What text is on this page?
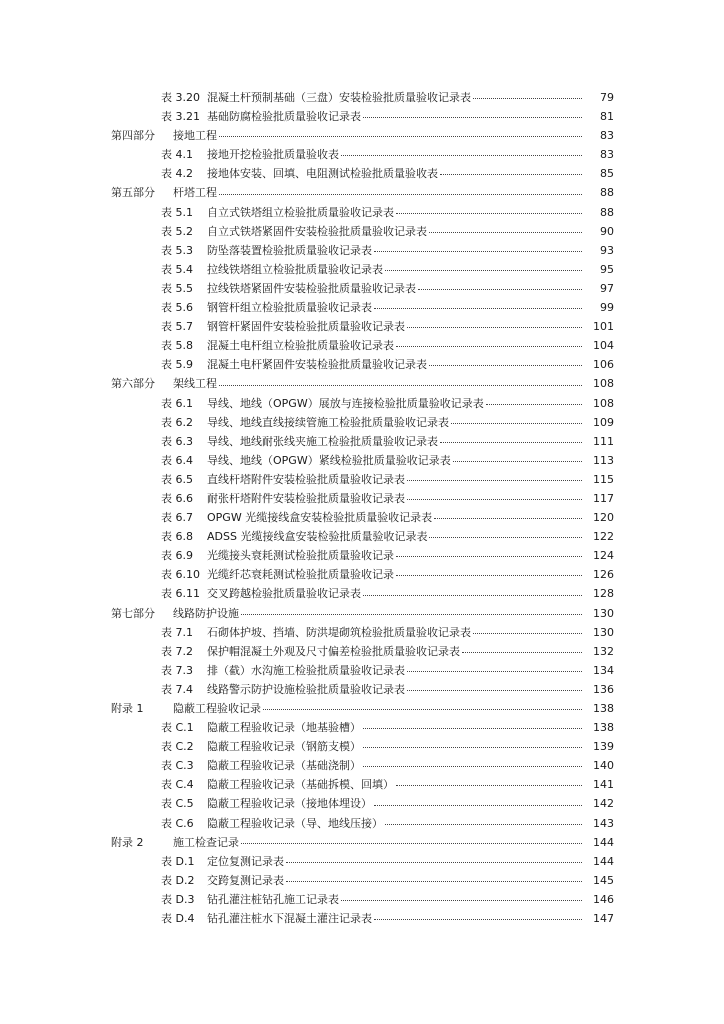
表 3.20 混凝土杆预制基础（三盘）安装检验批质量验收记录表	79
表 3.21 基础防腐检验批质量验收记录表	81
第四部分 接地工程	83
表 4.1 接地开挖检验批质量验收表	83
表 4.2 接地体安装、回填、电阻测试检验批质量验收表	85
第五部分 杆塔工程	88
表 5.1 自立式铁塔组立检验批质量验收记录表	88
表 5.2 自立式铁塔紧固件安装检验批质量验收记录表	90
表 5.3 防坠落装置检验批质量验收记录表	93
表 5.4 拉线铁塔组立检验批质量验收记录表	95
表 5.5 拉线铁塔紧固件安装检验批质量验收记录表	97
表 5.6 钢管杆组立检验批质量验收记录表	99
表 5.7 钢管杆紧固件安装检验批质量验收记录表	101
表 5.8 混凝土电杆组立检验批质量验收记录表	104
表 5.9 混凝土电杆紧固件安装检验批质量验收记录表	106
第六部分 架线工程	108
表 6.1 导线、地线（OPGW）展放与连接检验批质量验收记录表	108
表 6.2 导线、地线直线接续管施工检验批质量验收记录表	109
表 6.3 导线、地线耐张线夹施工检验批质量验收记录表	111
表 6.4 导线、地线（OPGW）紧线检验批质量验收记录表	113
表 6.5 直线杆塔附件安装检验批质量验收记录表	115
表 6.6 耐张杆塔附件安装检验批质量验收记录表	117
表 6.7 OPGW 光缆接线盒安装检验批质量验收记录表	120
表 6.8 ADSS 光缆接线盒安装检验批质量验收记录表	122
表 6.9 光缆接头衰耗测试检验批质量验收记录	124
表 6.10 光缆纤芯衰耗测试检验批质量验收记录	126
表 6.11 交叉跨越检验批质量验收记录表	128
第七部分 线路防护设施	130
表 7.1 石砌体护坡、挡墙、防洪堤砌筑检验批质量验收记录表	130
表 7.2 保护帽混凝土外观及尺寸偏差检验批质量验收记录表	132
表 7.3 排（截）水沟施工检验批质量验收记录表	134
表 7.4 线路警示防护设施检验批质量验收记录表	136
附录 1	隐蔽工程验收记录	138
表 C.1 隐蔽工程验收记录（地基验槽）	138
表 C.2 隐蔽工程验收记录（钢筋支模）	139
表 C.3 隐蔽工程验收记录（基础浇制）	140
表 C.4 隐蔽工程验收记录（基础拆模、回填）	141
表 C.5 隐蔽工程验收记录（接地体埋设）	142
表 C.6 隐蔽工程验收记录（导、地线压接）	143
附录 2	施工检查记录	144
表 D.1 定位复测记录表	144
表 D.2 交跨复测记录表	145
表 D.3 钻孔灌注桩钻孔施工记录表	146
表 D.4 钻孔灌注桩水下混凝土灌注记录表	147
